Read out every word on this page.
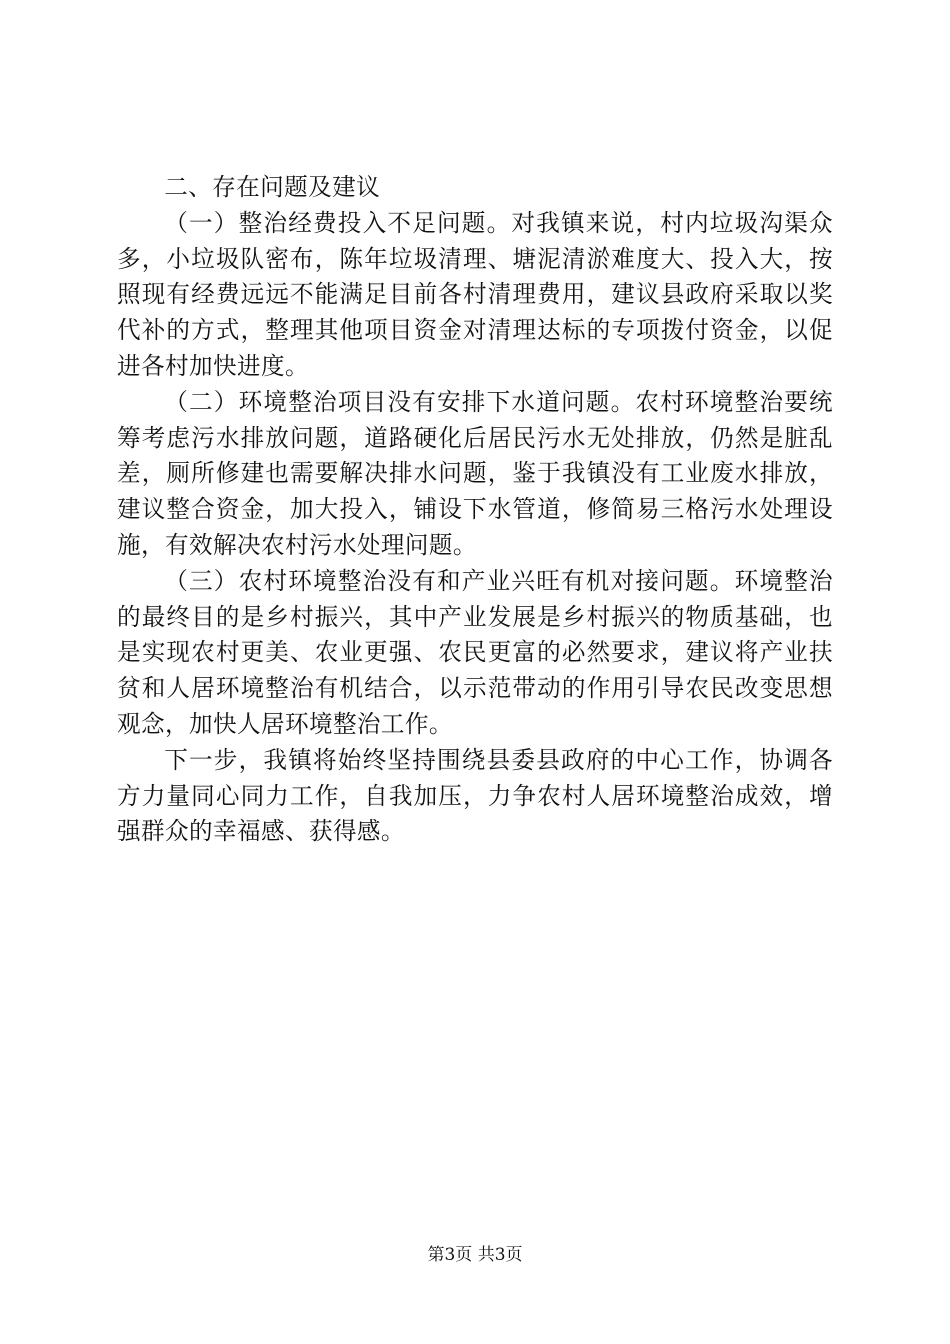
二、存在问题及建议

（一）整治经费投入不足问题。对我镇来说，村内垃圾沟渠众多，小垃圾队密布，陈年垃圾清理、塘泥清淤难度大、投入大，按照现有经费远远不能满足目前各村清理费用，建议县政府采取以奖代补的方式，整理其他项目资金对清理达标的专项拨付资金，以促进各村加快进度。

（二）环境整治项目没有安排下水道问题。农村环境整治要统筹考虑污水排放问题，道路硬化后居民污水无处排放，仍然是脏乱差，厕所修建也需要解决排水问题，鉴于我镇没有工业废水排放，建议整合资金，加大投入，铺设下水管道，修简易三格污水处理设施，有效解决农村污水处理问题。

（三）农村环境整治没有和产业兴旺有机对接问题。环境整治的最终目的是乡村振兴，其中产业发展是乡村振兴的物质基础，也是实现农村更美、农业更强、农民更富的必然要求，建议将产业扶贫和人居环境整治有机结合，以示范带动的作用引导农民改变思想观念，加快人居环境整治工作。

下一步，我镇将始终坚持围绕县委县政府的中心工作，协调各方力量同心同力工作，自我加压，力争农村人居环境整治成效，增强群众的幸福感、获得感。

第3页 共3页
